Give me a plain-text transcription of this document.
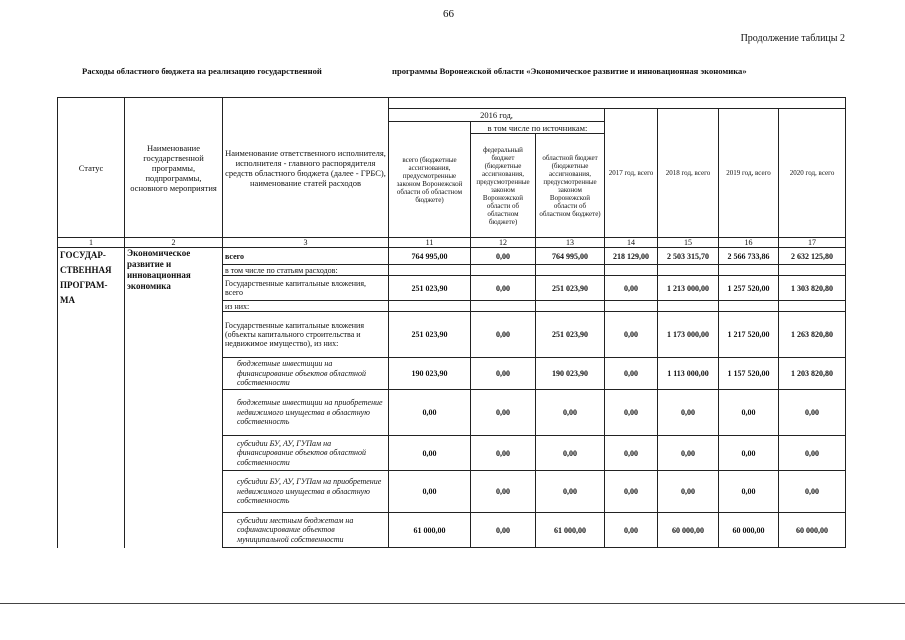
66
Продолжение таблицы 2
Расходы областного бюджета на реализацию государственной	программы Воронежской области «Экономическое развитие и инновационная экономика»
Статус	Наименование государственной программы, подпрограммы, основного мероприятия	Наименование ответственного исполнителя, исполнителя - главного распорядителя средств областного бюджета (далее - ГРБС), наименование статей расходов							
			2016 год,			2017 год, всего	2018 год, всего	2019 год, всего	2020 год, всего
			всего (бюджетные ассигнования, предусмотренные законом Воронежской области об областном бюджете)	в том числе по источникам:					
				федеральный бюджет (бюджетные ассигнования, предусмотренные законом Воронежской области об областном бюджете)	областной бюджет (бюджетные ассигнования, предусмотренные законом Воронежской области об областном бюджете)				
1	2	3	11	12	13	14	15	16	17
ГОСУДАР-СТВЕННАЯ ПРОГРАМ-МА	Экономическое развитие и инновационная экономика	всего	764 995,00	0,00	764 995,00	218 129,00	2 503 315,70	2 566 733,86	2 632 125,80
		в том числе по статьям расходов:							
		Государственные капитальные вложения, всего	251 023,90	0,00	251 023,90	0,00	1 213 000,00	1 257 520,00	1 303 820,80
		из них:							
		Государственные капитальные вложения (объекты капитального строительства и недвижимое имущество), из них:	251 023,90	0,00	251 023,90	0,00	1 173 000,00	1 217 520,00	1 263 820,80
		бюджетные инвестиции на финансирование объектов областной собственности	190 023,90	0,00	190 023,90	0,00	1 113 000,00	1 157 520,00	1 203 820,80
		бюджетные инвестиции на приобретение недвижимого имущества в областную собственность	0,00	0,00	0,00	0,00	0,00	0,00	0,00
		субсидии БУ, АУ, ГУПам на финансирование объектов областной собственности	0,00	0,00	0,00	0,00	0,00	0,00	0,00
		субсидии БУ, АУ, ГУПам на приобретение недвижимого имущества в областную собственность	0,00	0,00	0,00	0,00	0,00	0,00	0,00
		субсидии местным бюджетам на софинансирование объектов муниципальной собственности	61 000,00	0,00	61 000,00	0,00	60 000,00	60 000,00	60 000,00
